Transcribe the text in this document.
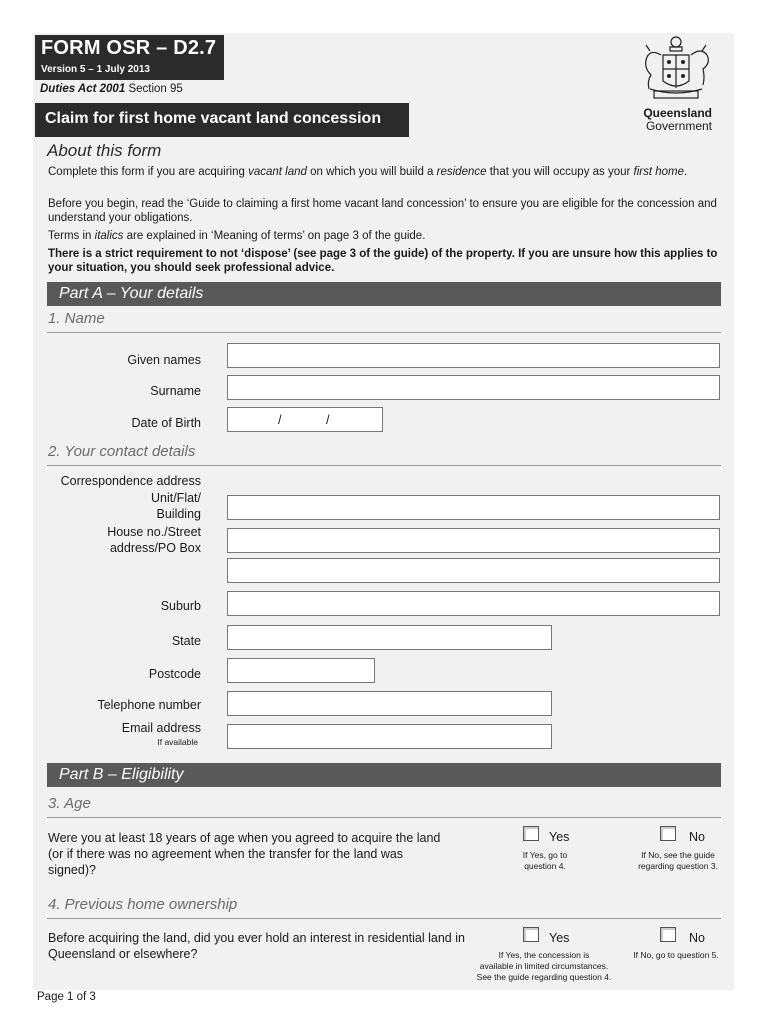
FORM OSR – D2.7
Version 5 – 1 July 2013
Duties Act 2001 Section 95
Claim for first home vacant land concession	Queensland
Government
About this form
Complete this form if you are acquiring vacant land on which you will build a residence that you will occupy as your first home.
Before you begin, read the ‘Guide to claiming a first home vacant land concession’ to ensure you are eligible for the concession and understand your obligations.
Terms in italics are explained in ‘Meaning of terms’ on page 3 of the guide.
There is a strict requirement to not ‘dispose’ (see page 3 of the guide) of the property. If you are unsure how this applies to your situation, you should seek professional advice.
Part A – Your details
1. Name
Given names
Surname
Date of Birth	/	/
2. Your contact details
Correspondence address
Unit/Flat/
Building
House no./Street
address/PO Box
Suburb
State
Postcode
Telephone number
Email address
If available
Part B – Eligibility
3. Age
Were you at least 18 years of age when you agreed to acquire the land (or if there was no agreement when the transfer for the land was signed)?
Yes
If Yes, go to
question 4.
No
If No, see the guide
regarding question 3.
4. Previous home ownership
Before acquiring the land, did you ever hold an interest in residential land in Queensland or elsewhere?
Yes
If Yes, the concession is
available in limited circumstances.
See the guide regarding question 4.
No
If No, go to question 5.
Page 1 of 3
